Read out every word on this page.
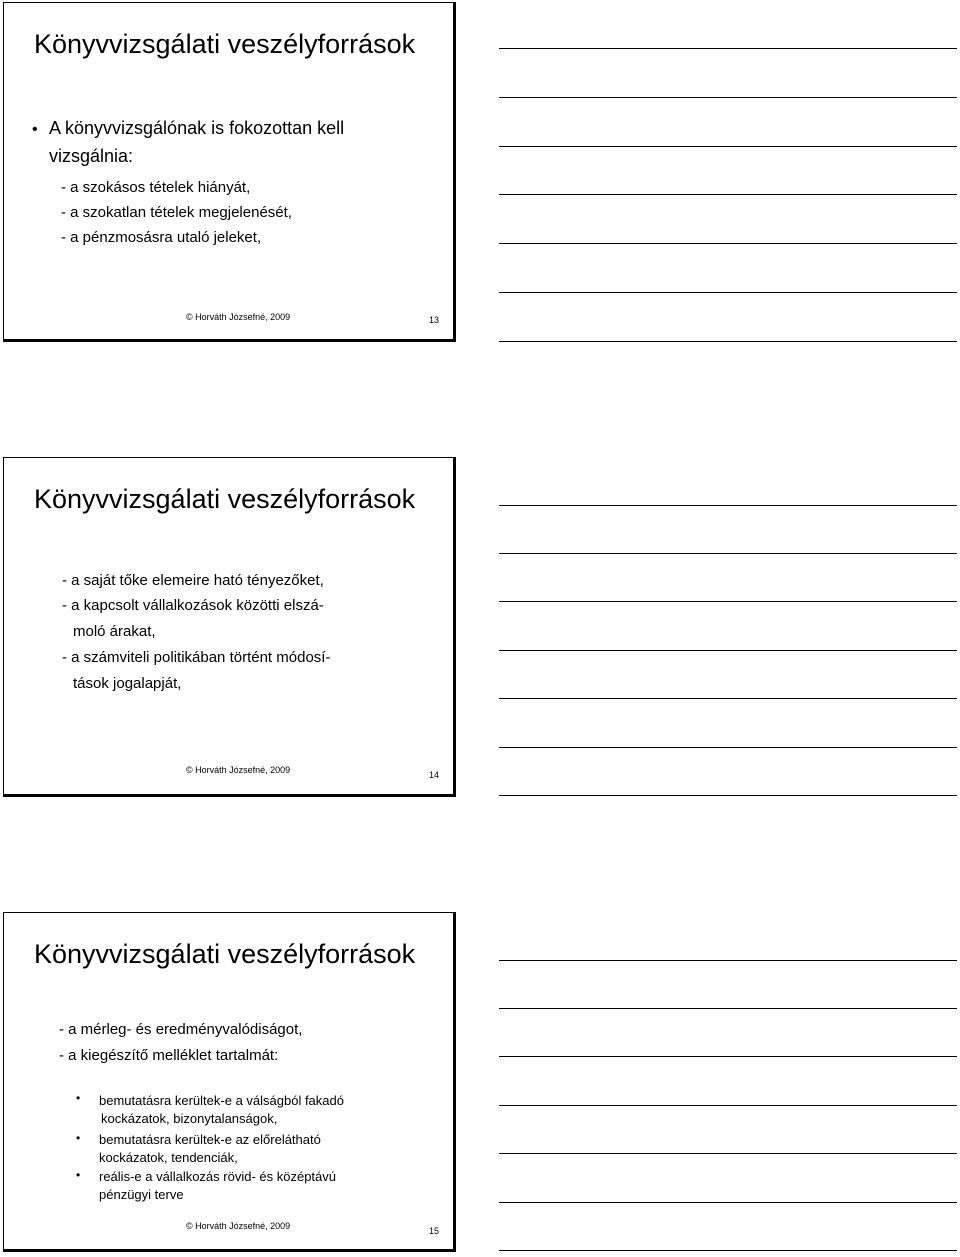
Könyvvizsgálati veszélyforrások
• A könyvvizsgálónak is fokozottan kell
vizsgálnia:
- a szokásos tételek hiányát,
- a szokatlan tételek megjelenését,
- a pénzmosásra utaló jeleket,
© Horváth Józsefné, 2009	13
Könyvvizsgálati veszélyforrások
- a saját tőke elemeire ható tényezőket,
- a kapcsolt vállalkozások közötti elszá-
moló árakat,
- a számviteli politikában történt módosí-
tások jogalapját,
© Horváth Józsefné, 2009	14
Könyvvizsgálati veszélyforrások
- a mérleg- és eredményvalódiságot,
- a kiegészítő melléklet tartalmát:
• bemutatásra kerültek-e a válságból fakadó
kockázatok, bizonytalanságok,
• bemutatásra kerültek-e az előrelátható
kockázatok, tendenciák,
• reális-e a vállalkozás rövid- és középtávú
pénzügyi terve
© Horváth Józsefné, 2009	15
